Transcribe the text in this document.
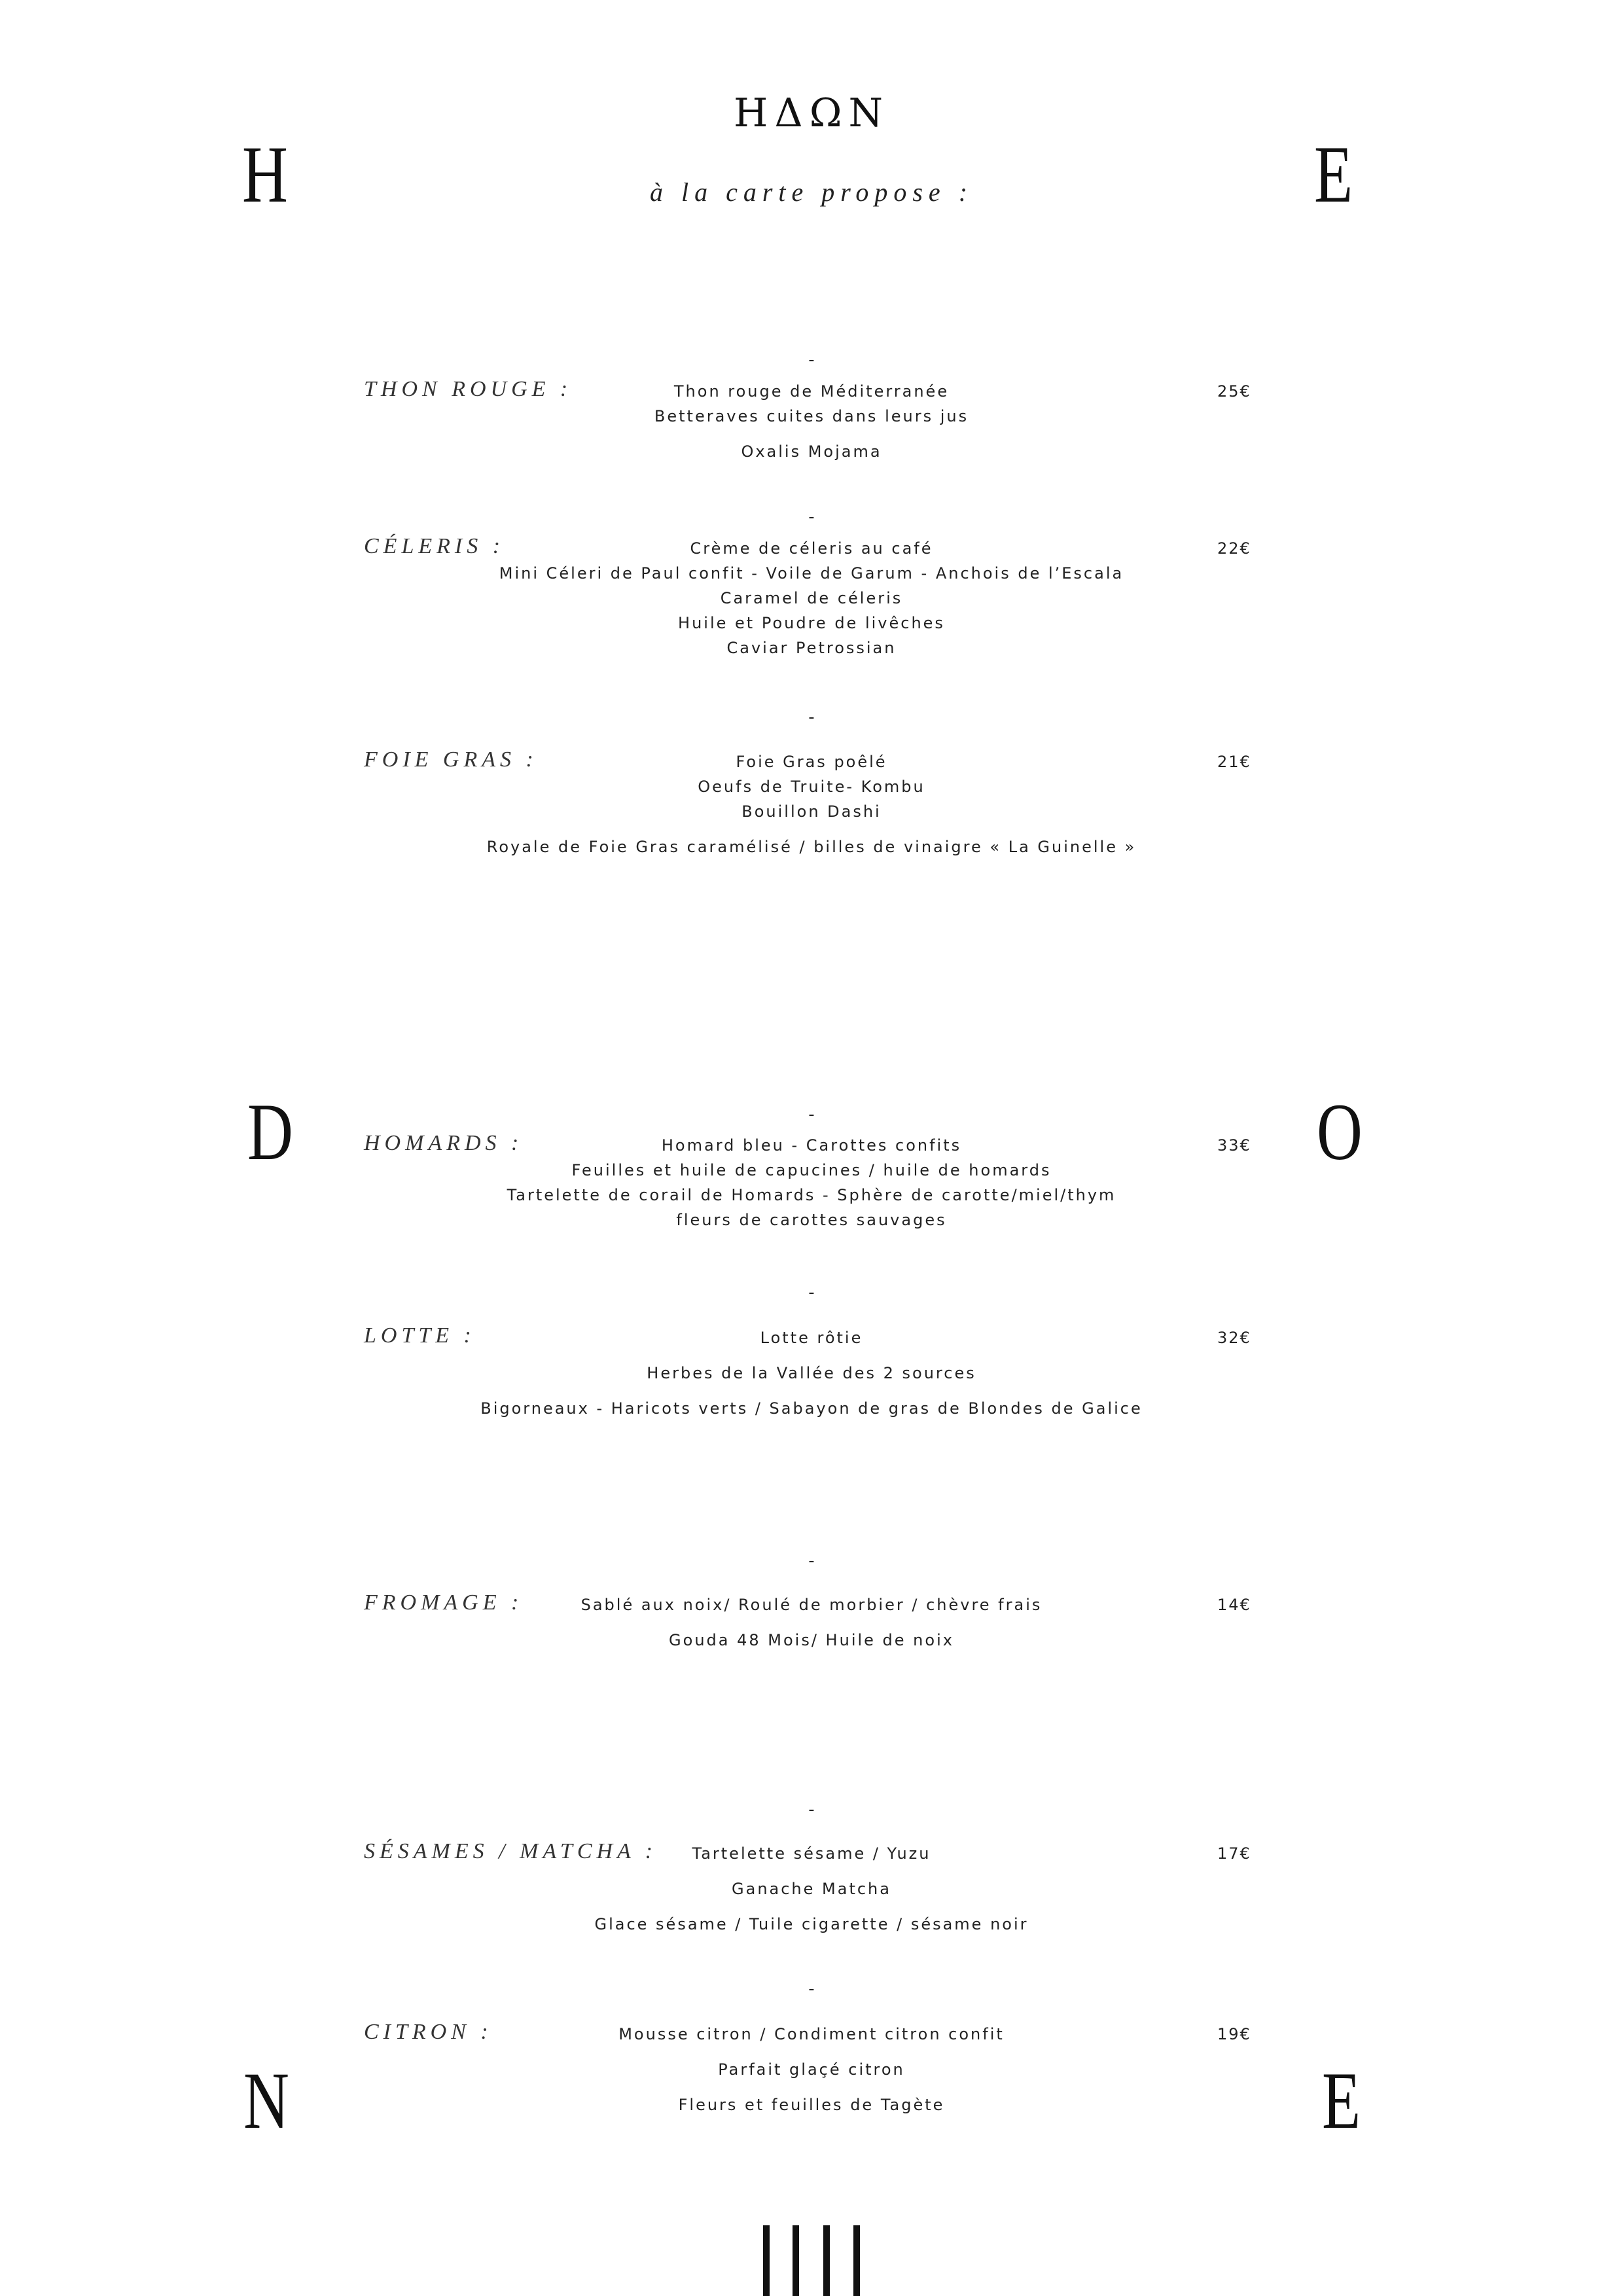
ΗΔΩΝ
à la carte propose :
H	E
D	O
N	E
-
THON ROUGE :	25€
Thon rouge de Méditerranée
Betteraves cuites dans leurs jus
Oxalis Mojama
-
CÉLERIS :	22€
Crème de céleris au café
Mini Céleri de Paul confit - Voile de Garum - Anchois de l’Escala
Caramel de céleris
Huile et Poudre de livêches
Caviar Petrossian
-
FOIE GRAS :	21€
Foie Gras poêlé
Oeufs de Truite- Kombu
Bouillon Dashi
Royale de Foie Gras caramélisé / billes de vinaigre « La Guinelle »
-
HOMARDS :	33€
Homard bleu - Carottes confits
Feuilles et huile de capucines / huile de homards
Tartelette de corail de Homards - Sphère de carotte/miel/thym
fleurs de carottes sauvages
-
LOTTE :	32€
Lotte rôtie
Herbes de la Vallée des 2 sources
Bigorneaux - Haricots verts / Sabayon de gras de Blondes de Galice
-
FROMAGE :	14€
Sablé aux noix/ Roulé de morbier / chèvre frais
Gouda 48 Mois/ Huile de noix
-
SÉSAMES / MATCHA :	17€
Tartelette sésame / Yuzu
Ganache Matcha
Glace sésame / Tuile cigarette / sésame noir
-
CITRON :	19€
Mousse citron / Condiment citron confit
Parfait glaçé citron
Fleurs et feuilles de Tagète
